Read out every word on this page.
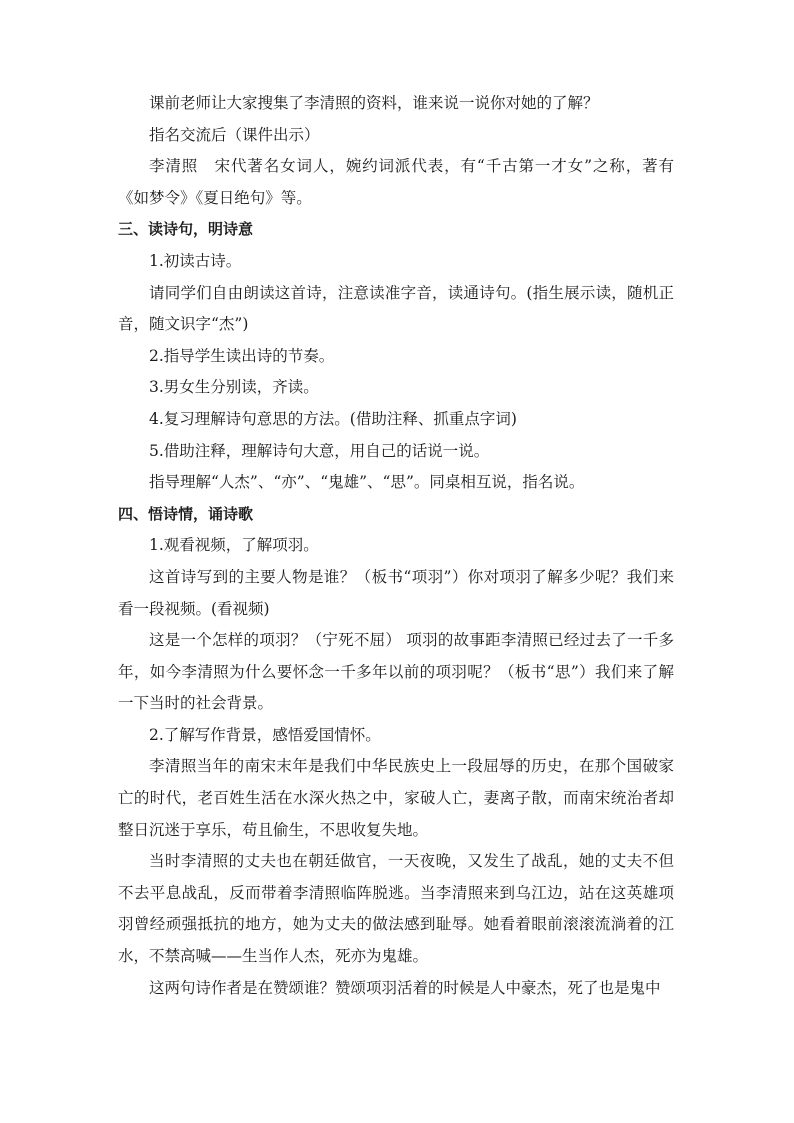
课前老师让大家搜集了李清照的资料，谁来说一说你对她的了解？

指名交流后（课件出示）

李清照　宋代著名女词人，婉约词派代表，有“千古第一才女”之称，著有《如梦令》《夏日绝句》等。

三、读诗句，明诗意

1.初读古诗。

请同学们自由朗读这首诗，注意读准字音，读通诗句。(指生展示读，随机正音，随文识字“杰”)

2.指导学生读出诗的节奏。

3.男女生分别读，齐读。

4.复习理解诗句意思的方法。(借助注释、抓重点字词)

5.借助注释，理解诗句大意，用自己的话说一说。

指导理解“人杰”、“亦”、“鬼雄”、“思”。同桌相互说，指名说。

四、悟诗情，诵诗歌

1.观看视频，了解项羽。

这首诗写到的主要人物是谁？（板书“项羽”）你对项羽了解多少呢？我们来看一段视频。(看视频)

这是一个怎样的项羽？（宁死不屈） 项羽的故事距李清照已经过去了一千多年，如今李清照为什么要怀念一千多年以前的项羽呢？（板书“思”）我们来了解一下当时的社会背景。

2.了解写作背景，感悟爱国情怀。

李清照当年的南宋末年是我们中华民族史上一段屈辱的历史，在那个国破家亡的时代，老百姓生活在水深火热之中，家破人亡，妻离子散，而南宋统治者却整日沉迷于享乐，苟且偷生，不思收复失地。

当时李清照的丈夫也在朝廷做官，一天夜晚，又发生了战乱，她的丈夫不但不去平息战乱，反而带着李清照临阵脱逃。当李清照来到乌江边，站在这英雄项羽曾经顽强抵抗的地方，她为丈夫的做法感到耻辱。她看着眼前滚滚流淌着的江水，不禁高喊——生当作人杰，死亦为鬼雄。

这两句诗作者是在赞颂谁？赞颂项羽活着的时候是人中豪杰，死了也是鬼中
